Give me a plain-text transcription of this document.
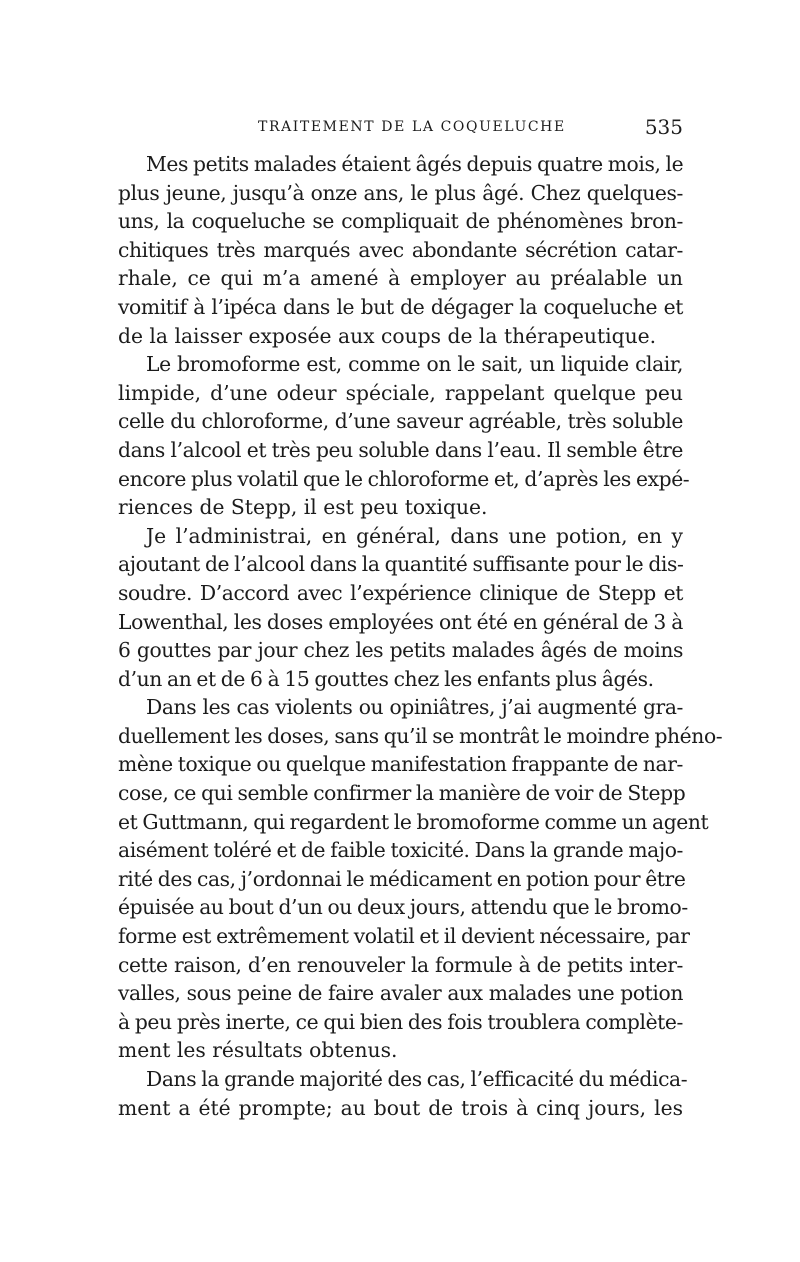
TRAITEMENT DE LA COQUELUCHE	535
Mes petits malades étaient âgés depuis quatre mois, le
plus jeune, jusqu’à onze ans, le plus âgé. Chez quelques-
uns, la coqueluche se compliquait de phénomènes bron-
chitiques très marqués avec abondante sécrétion catar-
rhale, ce qui m’a amené à employer au préalable un
vomitif à l’ipéca dans le but de dégager la coqueluche et
de la laisser exposée aux coups de la thérapeutique.
Le bromoforme est, comme on le sait, un liquide clair,
limpide, d’une odeur spéciale, rappelant quelque peu
celle du chloroforme, d’une saveur agréable, très soluble
dans l’alcool et très peu soluble dans l’eau. Il semble être
encore plus volatil que le chloroforme et, d’après les expé-
riences de Stepp, il est peu toxique.
Je l’administrai, en général, dans une potion, en y
ajoutant de l’alcool dans la quantité suffisante pour le dis-
soudre. D’accord avec l’expérience clinique de Stepp et
Lowenthal, les doses employées ont été en général de 3 à
6 gouttes par jour chez les petits malades âgés de moins
d’un an et de 6 à 15 gouttes chez les enfants plus âgés.
Dans les cas violents ou opiniâtres, j’ai augmenté gra-
duellement les doses, sans qu’il se montrât le moindre phéno-
mène toxique ou quelque manifestation frappante de nar-
cose, ce qui semble confirmer la manière de voir de Stepp
et Guttmann, qui regardent le bromoforme comme un agent
aisément toléré et de faible toxicité. Dans la grande majo-
rité des cas, j’ordonnai le médicament en potion pour être
épuisée au bout d’un ou deux jours, attendu que le bromo-
forme est extrêmement volatil et il devient nécessaire, par
cette raison, d’en renouveler la formule à de petits inter-
valles, sous peine de faire avaler aux malades une potion
à peu près inerte, ce qui bien des fois troublera complète-
ment les résultats obtenus.
Dans la grande majorité des cas, l’efficacité du médica-
ment a été prompte; au bout de trois à cinq jours, les
